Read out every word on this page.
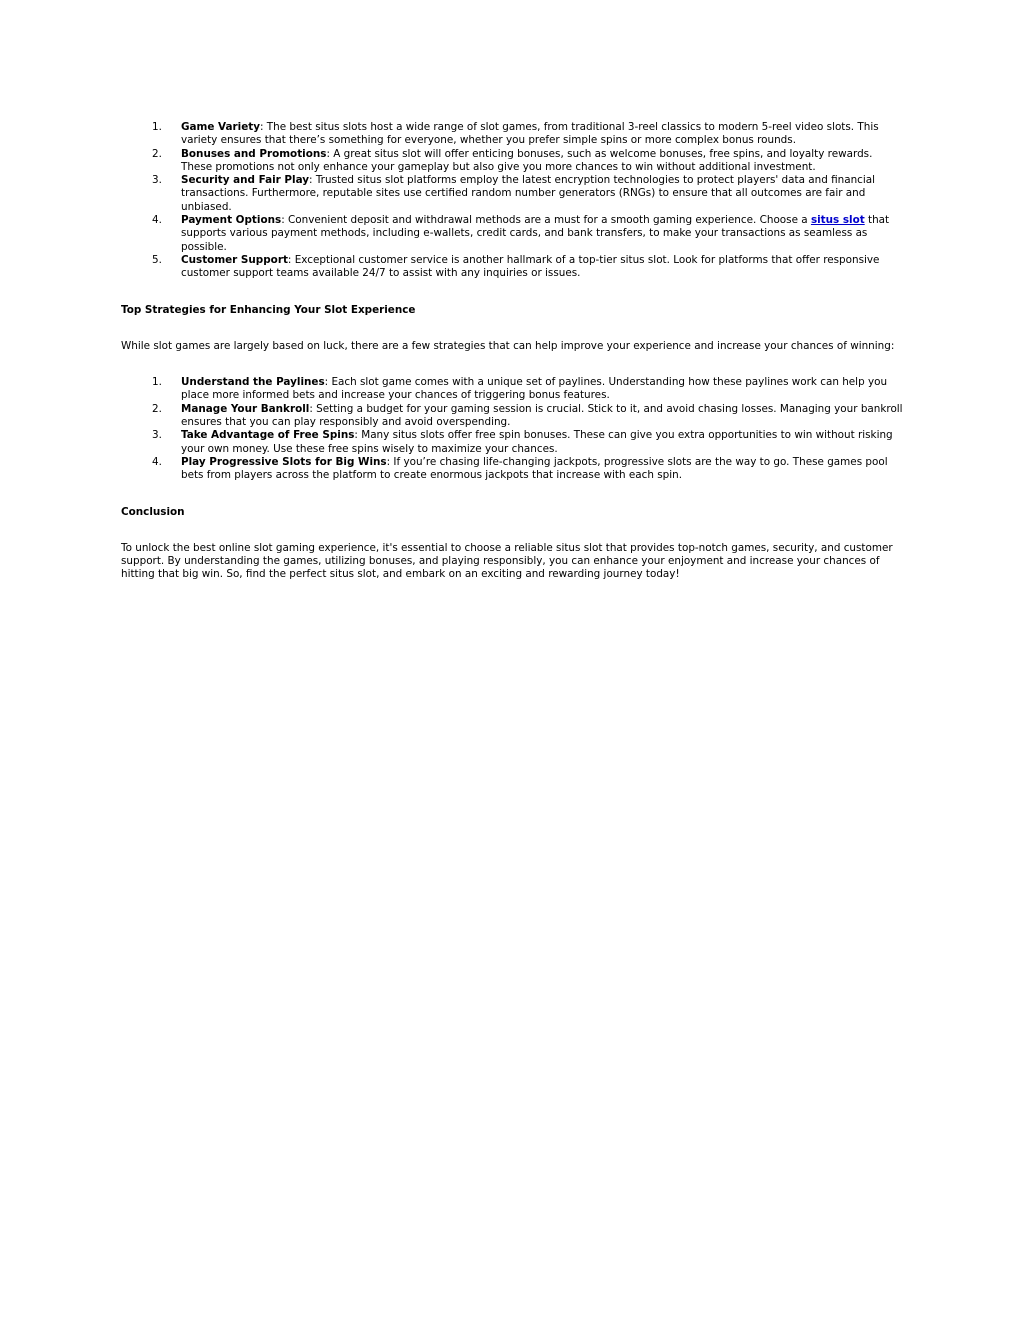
1. Game Variety: The best situs slots host a wide range of slot games, from traditional 3-reel classics to modern 5-reel video slots. This variety ensures that there’s something for everyone, whether you prefer simple spins or more complex bonus rounds.
2. Bonuses and Promotions: A great situs slot will offer enticing bonuses, such as welcome bonuses, free spins, and loyalty rewards. These promotions not only enhance your gameplay but also give you more chances to win without additional investment.
3. Security and Fair Play: Trusted situs slot platforms employ the latest encryption technologies to protect players' data and financial transactions. Furthermore, reputable sites use certified random number generators (RNGs) to ensure that all outcomes are fair and unbiased.
4. Payment Options: Convenient deposit and withdrawal methods are a must for a smooth gaming experience. Choose a situs slot that supports various payment methods, including e-wallets, credit cards, and bank transfers, to make your transactions as seamless as possible.
5. Customer Support: Exceptional customer service is another hallmark of a top-tier situs slot. Look for platforms that offer responsive customer support teams available 24/7 to assist with any inquiries or issues.
Top Strategies for Enhancing Your Slot Experience

While slot games are largely based on luck, there are a few strategies that can help improve your experience and increase your chances of winning:

1. Understand the Paylines: Each slot game comes with a unique set of paylines. Understanding how these paylines work can help you place more informed bets and increase your chances of triggering bonus features.
2. Manage Your Bankroll: Setting a budget for your gaming session is crucial. Stick to it, and avoid chasing losses. Managing your bankroll ensures that you can play responsibly and avoid overspending.
3. Take Advantage of Free Spins: Many situs slots offer free spin bonuses. These can give you extra opportunities to win without risking your own money. Use these free spins wisely to maximize your chances.
4. Play Progressive Slots for Big Wins: If you’re chasing life-changing jackpots, progressive slots are the way to go. These games pool bets from players across the platform to create enormous jackpots that increase with each spin.
Conclusion

To unlock the best online slot gaming experience, it's essential to choose a reliable situs slot that provides top-notch games, security, and customer support. By understanding the games, utilizing bonuses, and playing responsibly, you can enhance your enjoyment and increase your chances of hitting that big win. So, find the perfect situs slot, and embark on an exciting and rewarding journey today!
